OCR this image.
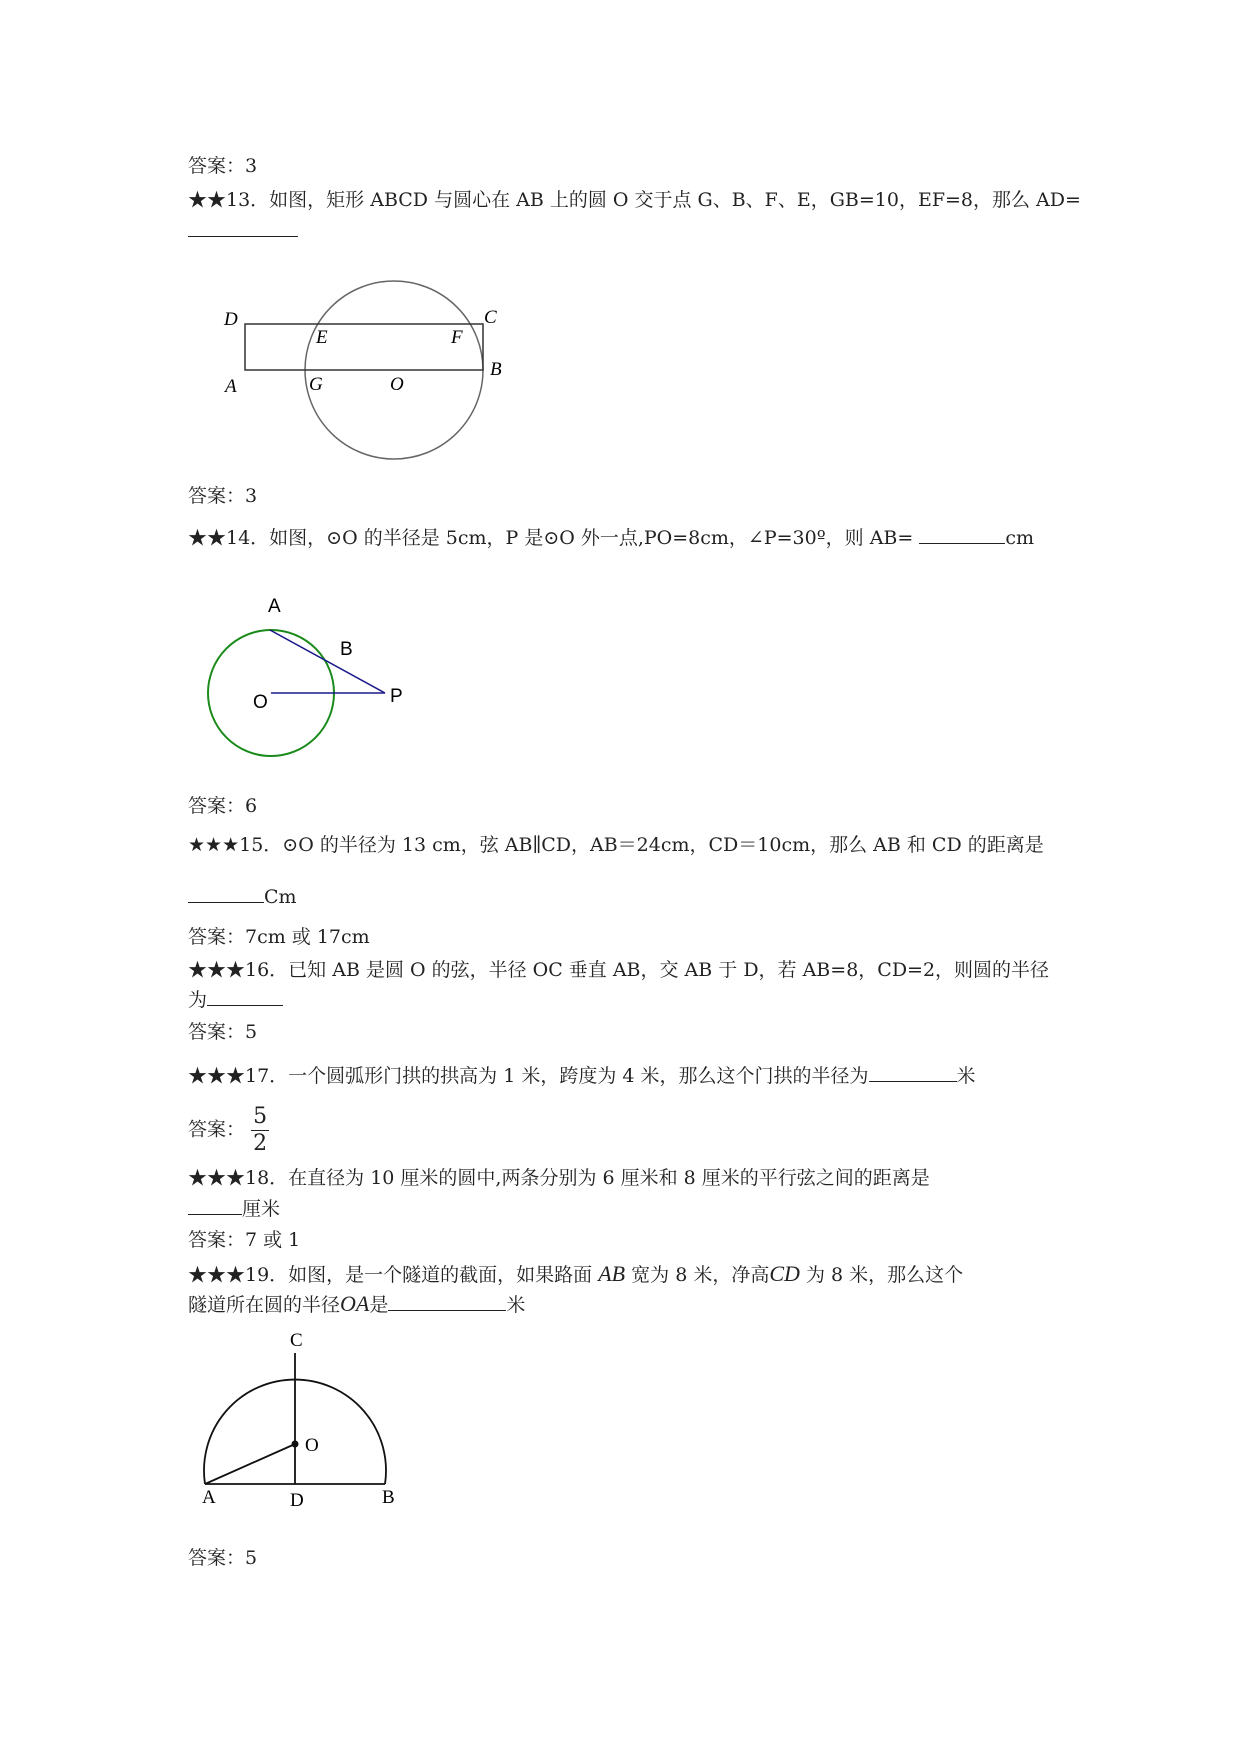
答案：3
★★13．如图，矩形 ABCD 与圆心在 AB 上的圆 O 交于点 G、B、F、E，GB=10，EF=8，那么 AD=
D	C
E	F
A	G	O
B
答案：3
★★14．如图，⊙O 的半径是 5cm，P 是⊙O 外一点,PO=8cm，∠P=30º，则 AB=	cm
A
B
O	P
答案：6
★★★15．⊙O 的半径为 13 cm，弦 AB∥CD，AB＝24cm，CD＝10cm，那么 AB 和 CD 的距离是
Cm
答案：7cm 或 17cm
★★★16．已知 AB 是圆 O 的弦，半径 OC 垂直 AB，交 AB 于 D，若 AB=8，CD=2，则圆的半径
为
答案：5
★★★17．一个圆弧形门拱的拱高为 1 米，跨度为 4 米，那么这个门拱的半径为	米
答案： $\frac{5}{2}$
★★★18．在直径为 10 厘米的圆中,两条分别为 6 厘米和 8 厘米的平行弦之间的距离是
厘米
答案：7 或 1
★★★19．如图，是一个隧道的截面，如果路面 AB 宽为 8 米，净高CD 为 8 米，那么这个
隧道所在圆的半径OA是	米
C
O
A	D	B
答案：5
